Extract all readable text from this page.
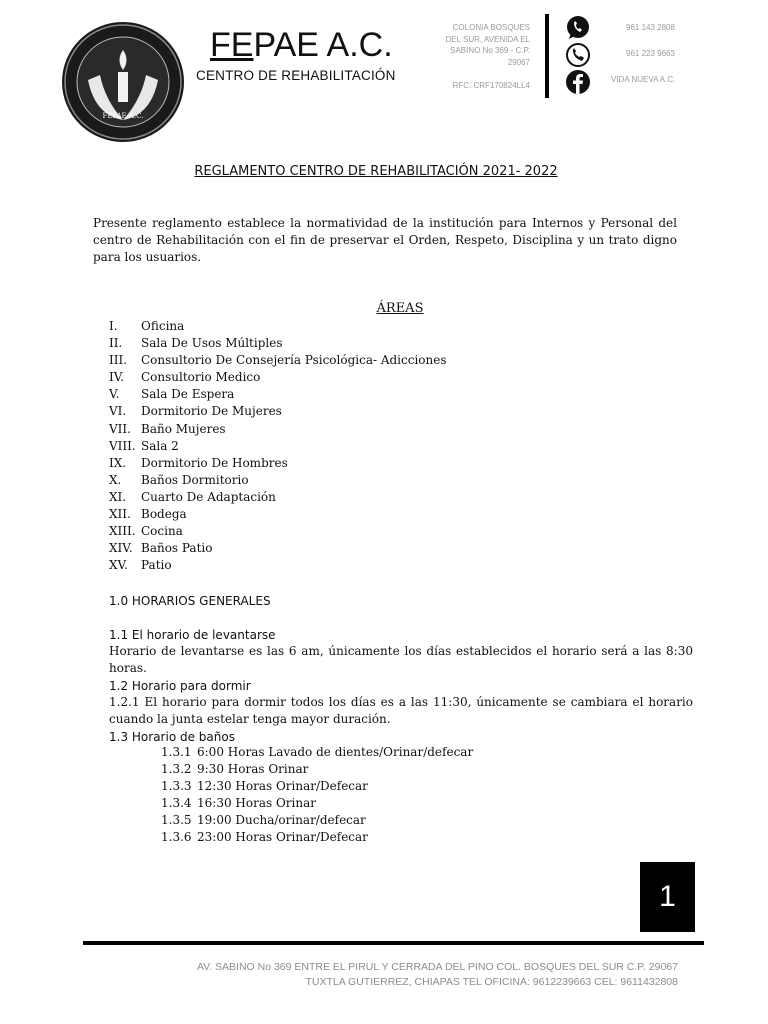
FEPAE A.C.
FEPAE A.C.
CENTRO DE REHABILITACIÓN
COLONIA BOSQUES DEL SUR, AVENIDA EL SABINO No 369 - C.P. 29067
RFC: CRF170824LL4
961 143 2808
961 223 9663
VIDA NUEVA A.C.
REGLAMENTO CENTRO DE REHABILITACIÓN 2021- 2022
Presente reglamento establece la normatividad de la institución para Internos y Personal del centro de Rehabilitación con el fin de preservar el Orden, Respeto, Disciplina y un trato digno para los usuarios.
ÁREAS
I.	Oficina
II.	Sala De Usos Múltiples
III.	Consultorio De Consejería Psicológica- Adicciones
IV.	Consultorio Medico
V.	Sala De Espera
VI.	Dormitorio De Mujeres
VII. Baño Mujeres
VIII. Sala 2
IX.	Dormitorio De Hombres
X.	Baños Dormitorio
XI.	Cuarto De Adaptación
XII. Bodega
XIII. Cocina
XIV. Baños Patio
XV.	Patio
1.0 HORARIOS GENERALES
1.1 El horario de levantarse
Horario de levantarse es las 6 am, únicamente los días establecidos el horario será a las 8:30 horas.
1.2 Horario para dormir
1.2.1 El horario para dormir todos los días es a las 11:30, únicamente se cambiara el horario cuando la junta estelar tenga mayor duración.
1.3 Horario de baños
1.3.1 6:00 Horas Lavado de dientes/Orinar/defecar
1.3.2 9:30 Horas Orinar
1.3.3 12:30 Horas Orinar/Defecar
1.3.4 16:30 Horas Orinar
1.3.5 19:00 Ducha/orinar/defecar
1.3.6 23:00 Horas Orinar/Defecar
1
AV. SABINO No 369 ENTRE EL PIRUL Y CERRADA DEL PINO COL. BOSQUES DEL SUR C.P. 29067
TUXTLA GUTIERREZ, CHIAPAS TEL OFICINA: 9612239663 CEL: 9611432808
